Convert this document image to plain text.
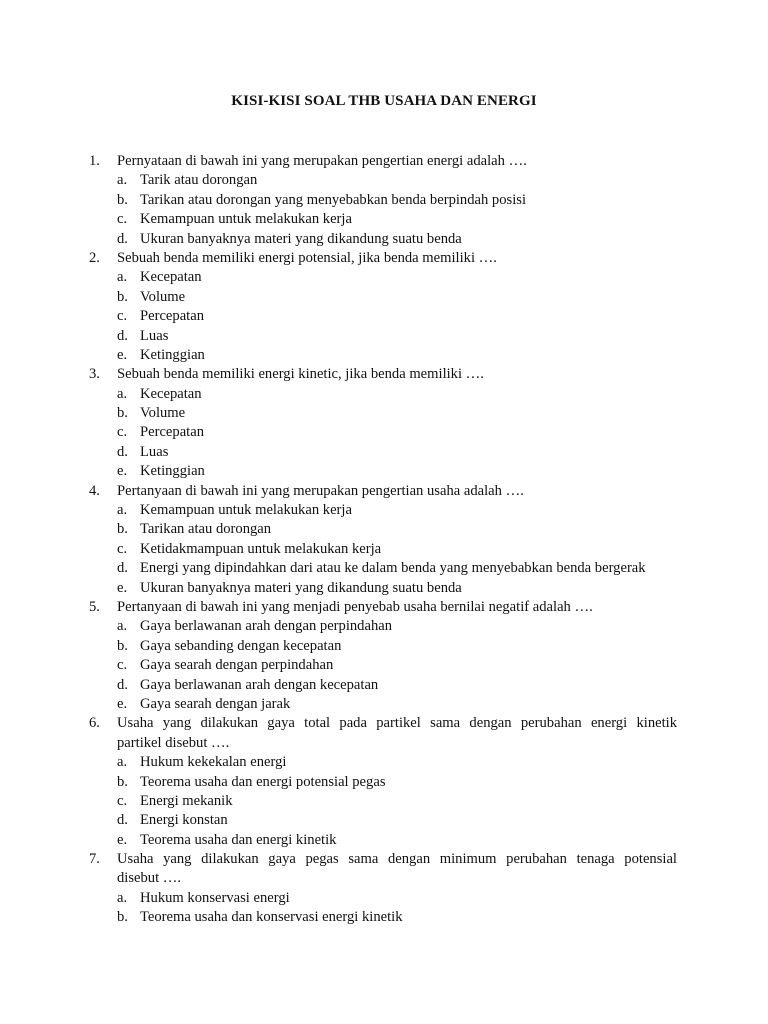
KISI-KISI SOAL THB USAHA DAN ENERGI
1. Pernyataan di bawah ini yang merupakan pengertian energi adalah ….
a. Tarik atau dorongan
b. Tarikan atau dorongan yang menyebabkan benda berpindah posisi
c. Kemampuan untuk melakukan kerja
d. Ukuran banyaknya materi yang dikandung suatu benda
2. Sebuah benda memiliki energi potensial, jika benda memiliki ….
a. Kecepatan
b. Volume
c. Percepatan
d. Luas
e. Ketinggian
3. Sebuah benda memiliki energi kinetic, jika benda memiliki ….
a. Kecepatan
b. Volume
c. Percepatan
d. Luas
e. Ketinggian
4. Pertanyaan di bawah ini yang merupakan pengertian usaha adalah ….
a. Kemampuan untuk melakukan kerja
b. Tarikan atau dorongan
c. Ketidakmampuan untuk melakukan kerja
d. Energi yang dipindahkan dari atau ke dalam benda yang menyebabkan benda bergerak
e. Ukuran banyaknya materi yang dikandung suatu benda
5. Pertanyaan di bawah ini yang menjadi penyebab usaha bernilai negatif adalah ….
a. Gaya berlawanan arah dengan perpindahan
b. Gaya sebanding dengan kecepatan
c. Gaya searah dengan perpindahan
d. Gaya berlawanan arah dengan kecepatan
e. Gaya searah dengan jarak
6. Usaha yang dilakukan gaya total pada partikel sama dengan perubahan energi kinetik
partikel disebut ….
a. Hukum kekekalan energi
b. Teorema usaha dan energi potensial pegas
c. Energi mekanik
d. Energi konstan
e. Teorema usaha dan energi kinetik
7. Usaha yang dilakukan gaya pegas sama dengan minimum perubahan tenaga potensial
disebut ….
a. Hukum konservasi energi
b. Teorema usaha dan konservasi energi kinetik
